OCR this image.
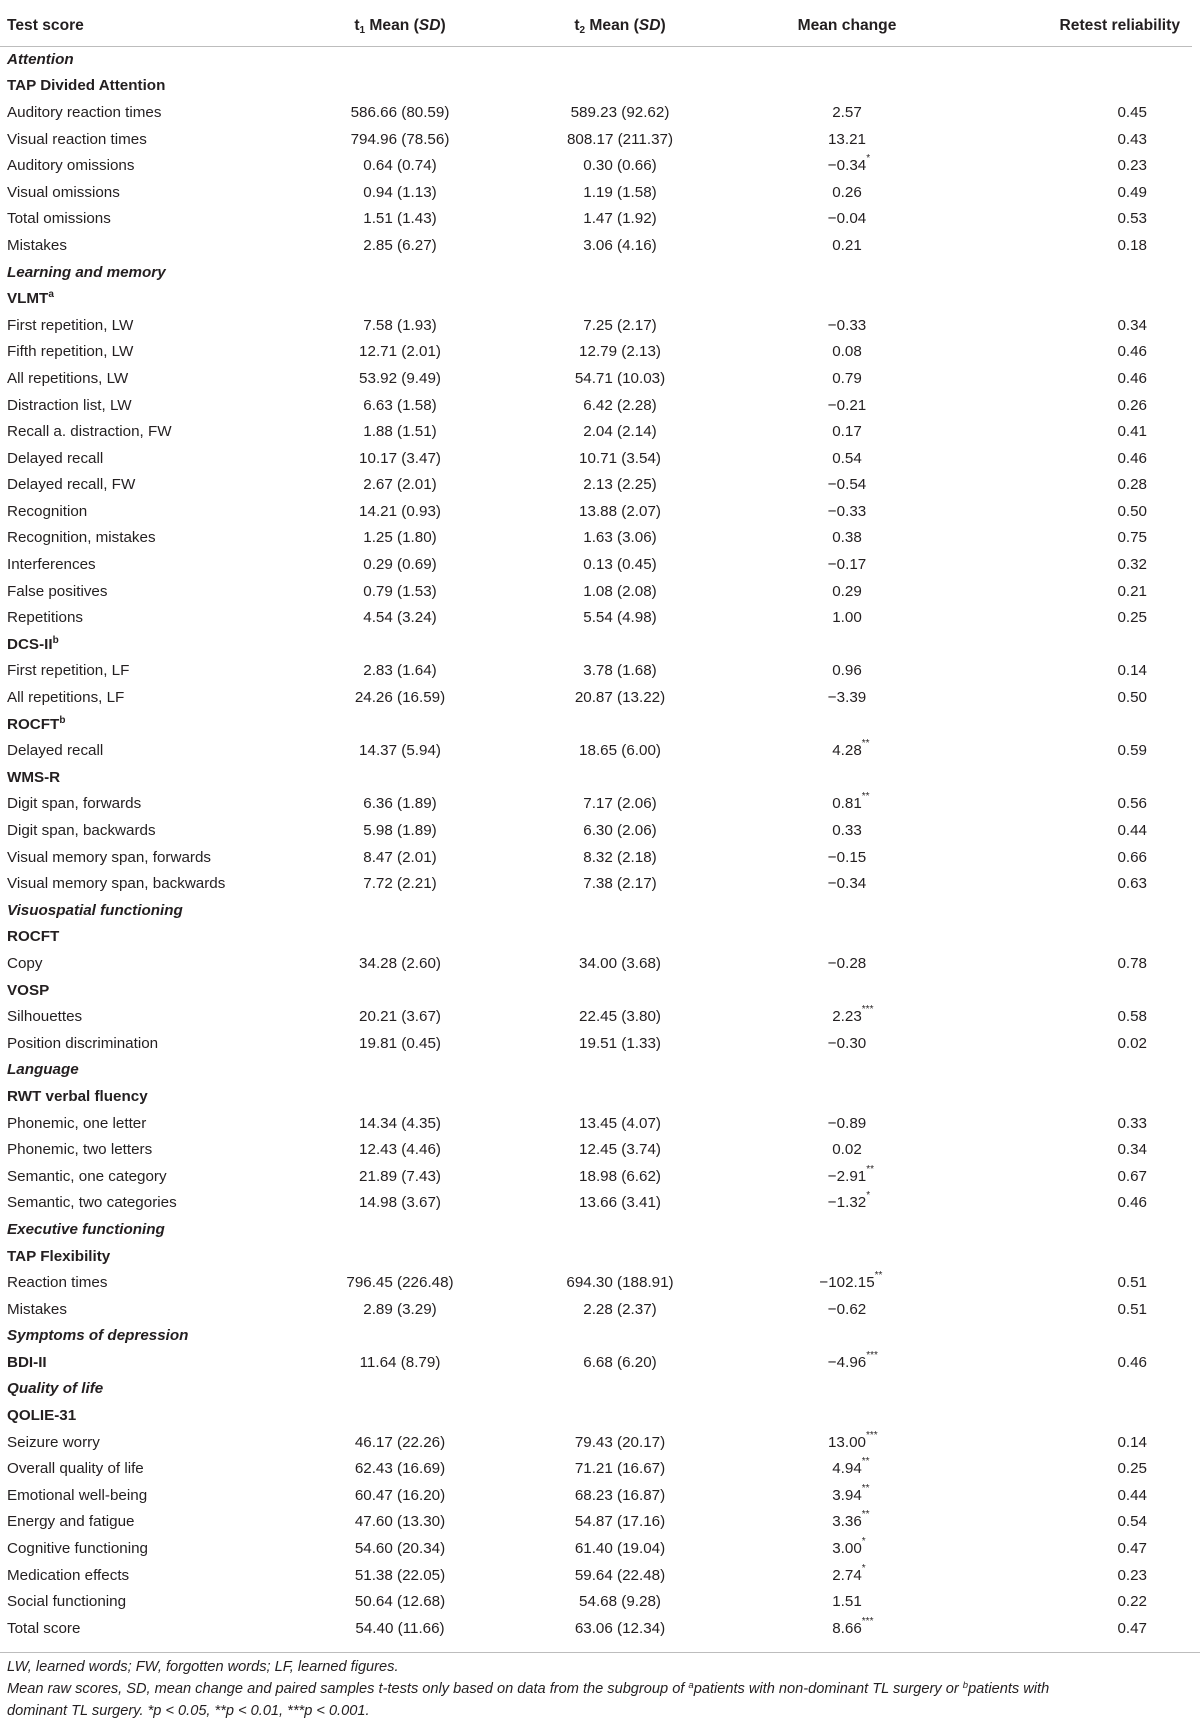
Test score	$t_1$ Mean (SD)	$t_2$ Mean (SD)	Mean change	Retest reliability
Attention				
TAP Divided Attention				
Auditory reaction times	586.66 (80.59)	589.23 (92.62)	2.57	0.45
Visual reaction times	794.96 (78.56)	808.17 (211.37)	13.21	0.43
Auditory omissions	0.64 (0.74)	0.30 (0.66)	−0.34 *	0.23
Visual omissions	0.94 (1.13)	1.19 (1.58)	0.26	0.49
Total omissions	1.51 (1.43)	1.47 (1.92)	−0.04	0.53
Mistakes	2.85 (6.27)	3.06 (4.16)	0.21	0.18
Learning and memory				
VLMT$^a$				
First repetition, LW	7.58 (1.93)	7.25 (2.17)	−0.33	0.34
Fifth repetition, LW	12.71 (2.01)	12.79 (2.13)	0.08	0.46
All repetitions, LW	53.92 (9.49)	54.71 (10.03)	0.79	0.46
Distraction list, LW	6.63 (1.58)	6.42 (2.28)	−0.21	0.26
Recall a. distraction, FW	1.88 (1.51)	2.04 (2.14)	0.17	0.41
Delayed recall	10.17 (3.47)	10.71 (3.54)	0.54	0.46
Delayed recall, FW	2.67 (2.01)	2.13 (2.25)	−0.54	0.28
Recognition	14.21 (0.93)	13.88 (2.07)	−0.33	0.50
Recognition, mistakes	1.25 (1.80)	1.63 (3.06)	0.38	0.75
Interferences	0.29 (0.69)	0.13 (0.45)	−0.17	0.32
False positives	0.79 (1.53)	1.08 (2.08)	0.29	0.21
Repetitions	4.54 (3.24)	5.54 (4.98)	1.00	0.25
DCS-$II^b$				
First repetition, LF	2.83 (1.64)	3.78 (1.68)	0.96	0.14
All repetitions, LF	24.26 (16.59)	20.87 (13.22)	−3.39	0.50
ROCFT$^b$				
Delayed recall	14.37 (5.94)	18.65 (6.00)	4.28 **	0.59
WMS-R				
Digit span, forwards	6.36 (1.89)	7.17 (2.06)	0.81 **	0.56
Digit span, backwards	5.98 (1.89)	6.30 (2.06)	0.33	0.44
Visual memory span, forwards	8.47 (2.01)	8.32 (2.18)	−0.15	0.66
Visual memory span, backwards	7.72 (2.21)	7.38 (2.17)	−0.34	0.63
Visuospatial functioning				
ROCFT				
Copy	34.28 (2.60)	34.00 (3.68)	−0.28	0.78
VOSP				
Silhouettes	20.21 (3.67)	22.45 (3.80)	2.23 ***	0.58
Position discrimination	19.81 (0.45)	19.51 (1.33)	−0.30	0.02
Language				
RWT verbal fluency				
Phonemic, one letter	14.34 (4.35)	13.45 (4.07)	−0.89	0.33
Phonemic, two letters	12.43 (4.46)	12.45 (3.74)	0.02	0.34
Semantic, one category	21.89 (7.43)	18.98 (6.62)	−2.91 **	0.67
Semantic, two categories	14.98 (3.67)	13.66 (3.41)	−1.32 *	0.46
Executive functioning				
TAP Flexibility				
Reaction times	796.45 (226.48)	694.30 (188.91)	−102.15 **	0.51
Mistakes	2.89 (3.29)	2.28 (2.37)	−0.62	0.51
Symptoms of depression				
BDI-II	11.64 (8.79)	6.68 (6.20)	−4.96 ***	0.46
Quality of life				
QOLIE-31				
Seizure worry	46.17 (22.26)	79.43 (20.17)	13.00 ***	0.14
Overall quality of life	62.43 (16.69)	71.21 (16.67)	4.94 **	0.25
Emotional well-being	60.47 (16.20)	68.23 (16.87)	3.94 **	0.44
Energy and fatigue	47.60 (13.30)	54.87 (17.16)	3.36 **	0.54
Cognitive functioning	54.60 (20.34)	61.40 (19.04)	3.00 *	0.47
Medication effects	51.38 (22.05)	59.64 (22.48)	2.74 *	0.23
Social functioning	50.64 (12.68)	54.68 (9.28)	1.51	0.22
Total score	54.40 (11.66)	63.06 (12.34)	8.66 ***	0.47
LW, learned words; FW, forgotten words; LF, learned figures.
Mean raw scores, SD, mean change and paired samples t-tests only based on data from the subgroup of $^a$patients with non-dominant TL surgery or $^b$patients with
dominant TL surgery. *p < 0.05, **p < 0.01, ***p < 0.001.
